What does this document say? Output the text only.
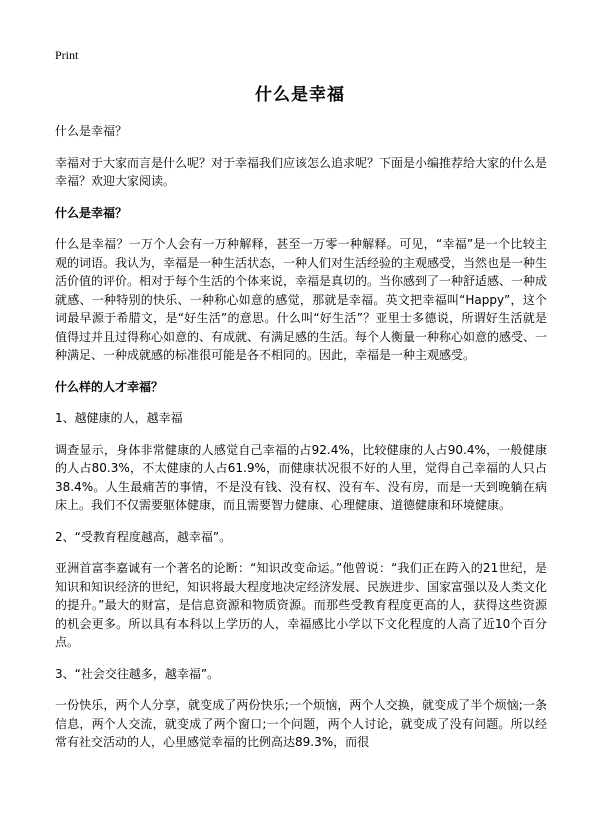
Print
什么是幸福

什么是幸福？

幸福对于大家而言是什么呢？对于幸福我们应该怎么追求呢？下面是小编推荐给大家的什么是幸福？欢迎大家阅读。

什么是幸福？

什么是幸福？一万个人会有一万种解释，甚至一万零一种解释。可见，“幸福”是一个比较主观的词语。我认为，幸福是一种生活状态，一种人们对生活经验的主观感受，当然也是一种生活价值的评价。相对于每个生活的个体来说，幸福是真切的。当你感到了一种舒适感、一种成就感、一种特别的快乐、一种称心如意的感觉，那就是幸福。英文把幸福叫“Happy”，这个词最早源于希腊文，是“好生活”的意思。什么叫“好生活”？亚里士多德说，所谓好生活就是值得过并且过得称心如意的、有成就、有满足感的生活。每个人衡量一种称心如意的感受、一种满足、一种成就感的标准很可能是各不相同的。因此，幸福是一种主观感受。

什么样的人才幸福？

1、越健康的人，越幸福

调查显示，身体非常健康的人感觉自己幸福的占92.4%，比较健康的人占90.4%，一般健康的人占80.3%，不太健康的人占61.9%，而健康状况很不好的人里，觉得自己幸福的人只占38.4%。人生最痛苦的事情，不是没有钱、没有权、没有车、没有房，而是一天到晚躺在病床上。我们不仅需要躯体健康，而且需要智力健康、心理健康、道德健康和环境健康。

2、“受教育程度越高，越幸福”。

亚洲首富李嘉诚有一个著名的论断：“知识改变命运。”他曾说：“我们正在跨入的21世纪，是知识和知识经济的世纪，知识将最大程度地决定经济发展、民族进步、国家富强以及人类文化的提升。”最大的财富，是信息资源和物质资源。而那些受教育程度更高的人，获得这些资源的机会更多。所以具有本科以上学历的人，幸福感比小学以下文化程度的人高了近10个百分点。

3、“社会交往越多，越幸福”。

一份快乐，两个人分享，就变成了两份快乐;一个烦恼，两个人交换，就变成了半个烦恼;一条信息，两个人交流，就变成了两个窗口;一个问题，两个人讨论，就变成了没有问题。所以经常有社交活动的人，心里感觉幸福的比例高达89.3%，而很
